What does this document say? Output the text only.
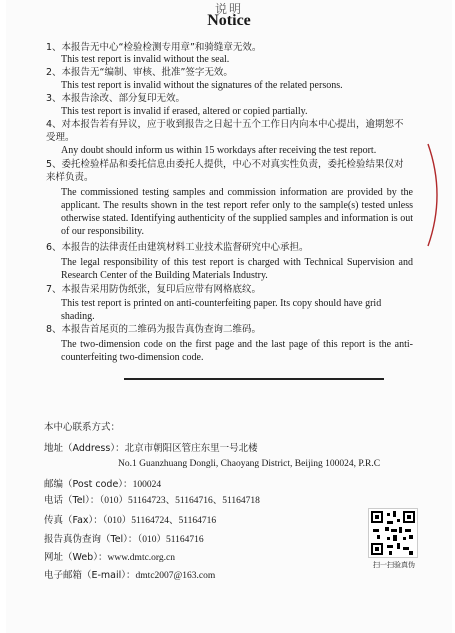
说明
Notice
1、本报告无中心“检验检测专用章”和骑缝章无效。
This test report is invalid without the seal.
2、本报告无“编制、审核、批准”签字无效。
This test report is invalid without the signatures of the related persons.
3、本报告涂改、部分复印无效。
This test report is invalid if erased, altered or copied partially.
4、对本报告若有异议，应于收到报告之日起十五个工作日内向本中心提出，逾期恕不受理。
Any doubt should inform us within 15 workdays after receiving the test report.
5、委托检验样品和委托信息由委托人提供，中心不对真实性负责，委托检验结果仅对来样负责。
The commissioned testing samples and commission information are provided by the applicant. The results shown in the test report refer only to the sample(s) tested unless otherwise stated. Identifying authenticity of the supplied samples and information is out of our responsibility.
6、本报告的法律责任由建筑材料工业技术监督研究中心承担。
The legal responsibility of this test report is charged with Technical Supervision and Research Center of the Building Materials Industry.
7、本报告采用防伪纸张，复印后应带有网格底纹。
This test report is printed on anti-counterfeiting paper. Its copy should have grid shading.
8、本报告首尾页的二维码为报告真伪查询二维码。
The two-dimension code on the first page and the last page of this report is the anti-counterfeiting two-dimension code.
本中心联系方式：
地址（Address）：北京市朝阳区管庄东里一号北楼
No.1 Guanzhuang Dongli, Chaoyang District, Beijing 100024, P.R.C
邮编（Post code）：100024
电话（Tel）：（010）51164723、51164716、51164718
传真（Fax）：（010）51164724、51164716
报告真伪查询（Tel）：（010）51164716
网址（Web）：www.dmtc.org.cn
电子邮箱（E-mail）：dmtc2007@163.com
扫一扫验真伪
